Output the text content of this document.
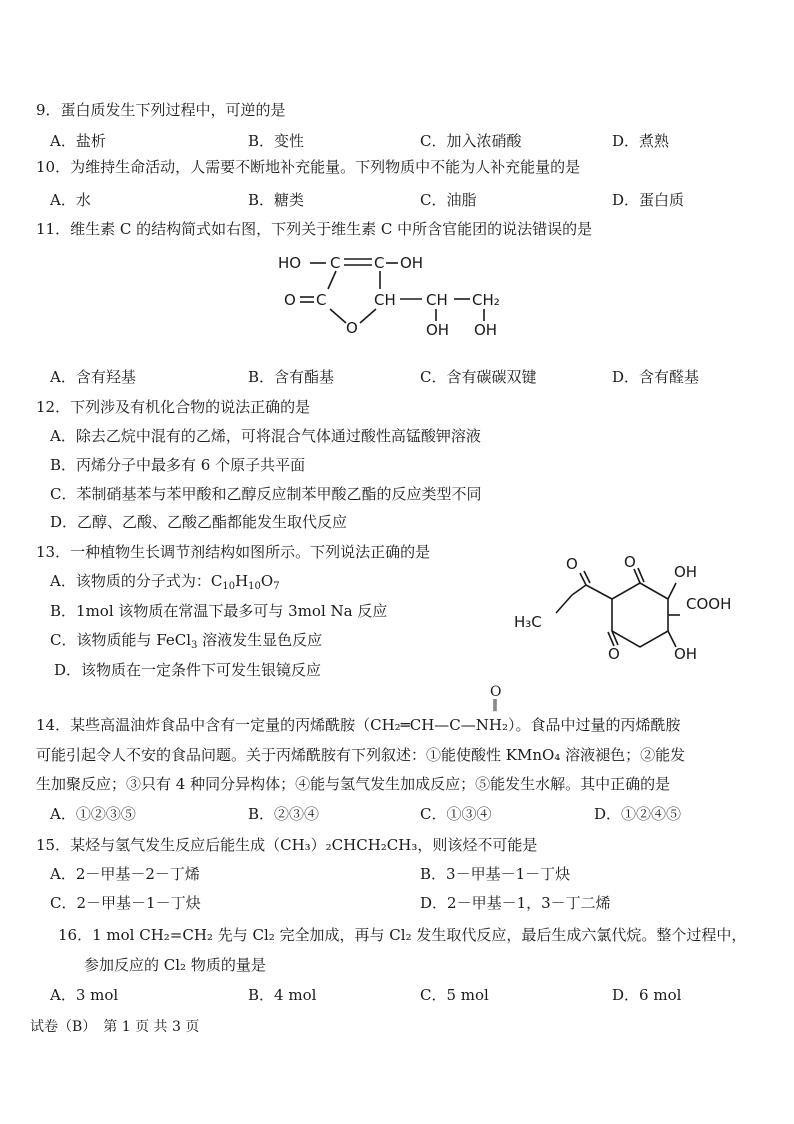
9．蛋白质发生下列过程中，可逆的是
A．盐析	B．变性	C．加入浓硝酸	D．煮熟
10．为维持生命活动，人需要不断地补充能量。下列物质中不能为人补充能量的是
A．水	B．糖类	C．油脂	D．蛋白质
11．维生素 C 的结构简式如右图，下列关于维生素 C 中所含官能团的说法错误的是
HO C C OH
O C
O
CH CH CH₂
OH OH
A．含有羟基	B．含有酯基	C．含有碳碳双键	D．含有醛基
12．下列涉及有机化合物的说法正确的是
A．除去乙烷中混有的乙烯，可将混合气体通过酸性高锰酸钾溶液
B．丙烯分子中最多有 6 个原子共平面
C．苯制硝基苯与苯甲酸和乙醇反应制苯甲酸乙酯的反应类型不同
D．乙醇、乙酸、乙酸乙酯都能发生取代反应
13．一种植物生长调节剂结构如图所示。下列说法正确的是
A．该物质的分子式为：$C_{10}H_{10}O_7$
B．1mol 该物质在常温下最多可与 3mol Na 反应
C．该物质能与 FeCl$_3$ 溶液发生显色反应
D．该物质在一定条件下可发生银镜反应
O
OH
COOH
OH
O
O
H₃C
O
‖
14．某些高温油炸食品中含有一定量的丙烯酰胺（CH₂═CH—C—NH₂）。食品中过量的丙烯酰胺
可能引起令人不安的食品问题。关于丙烯酰胺有下列叙述：①能使酸性 KMnO₄ 溶液褪色；②能发
生加聚反应；③只有 4 种同分异构体；④能与氢气发生加成反应；⑤能发生水解。其中正确的是
A．①②③⑤	B．②③④	C．①③④	D．①②④⑤
15．某烃与氢气发生反应后能生成（CH₃）₂CHCH₂CH₃，则该烃不可能是
A．2－甲基－2－丁烯	B．3－甲基－1－丁炔
C．2－甲基－1－丁炔	D．2－甲基－1，3－丁二烯
16．1 mol CH₂=CH₂ 先与 Cl₂ 完全加成，再与 Cl₂ 发生取代反应，最后生成六氯代烷。整个过程中，
参加反应的 Cl₂ 物质的量是
A．3 mol	B．4 mol	C．5 mol	D．6 mol
试卷（B）　第 1 页 共 3 页
